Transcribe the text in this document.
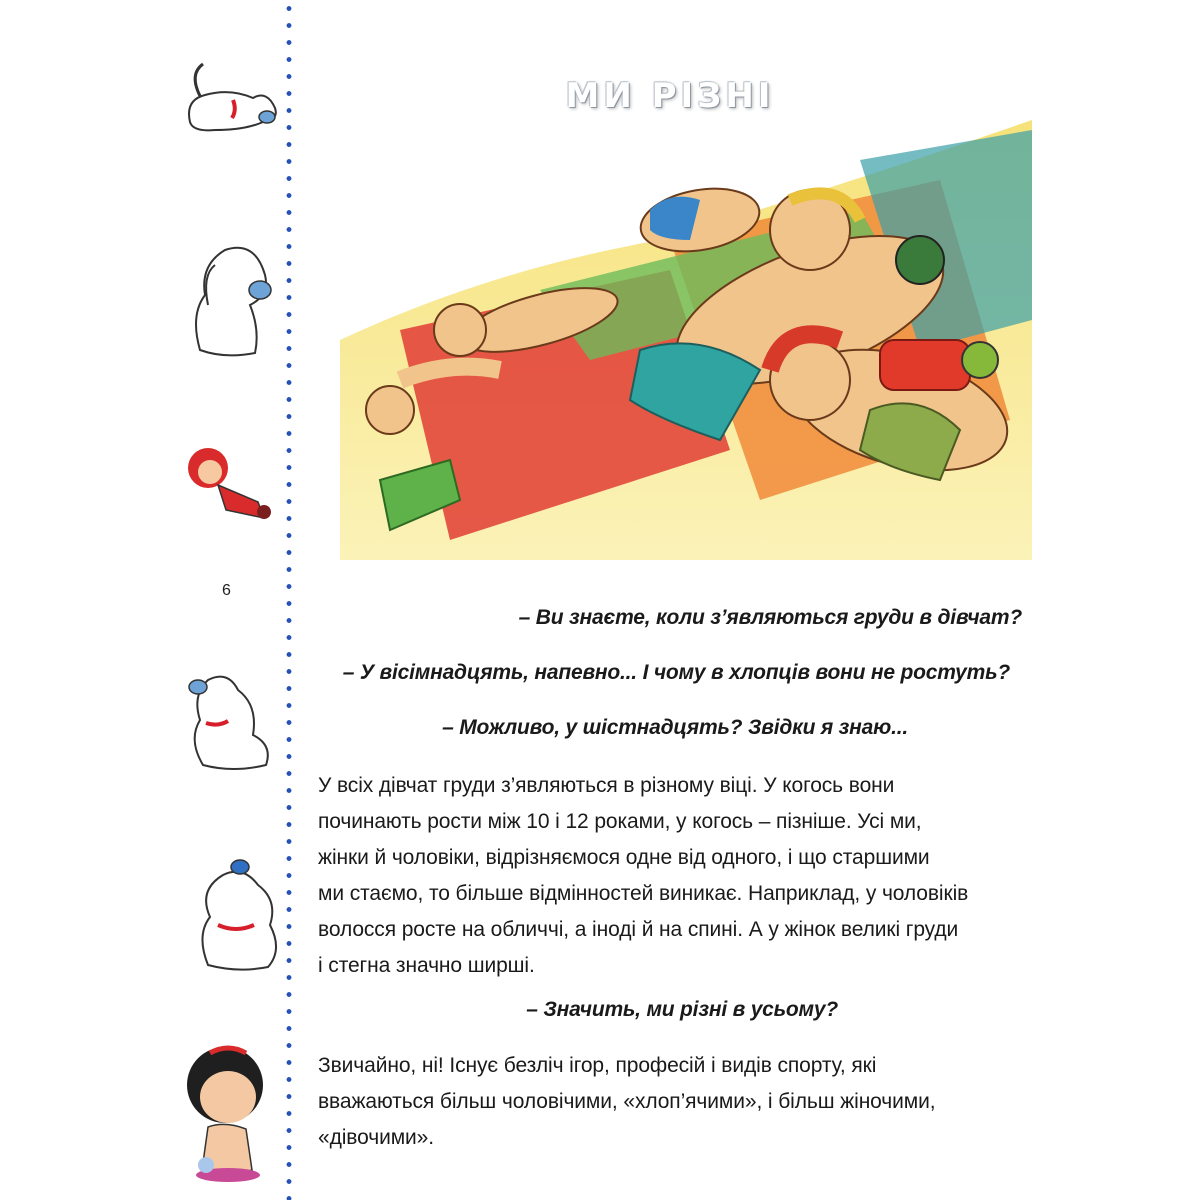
6
МИ РІЗНІ
– Ви знаєте, коли з’являються груди в дівчат?
– У вісімнадцять, напевно... І чому в хлопців вони не ростуть?
– Можливо, у шістнадцять? Звідки я знаю...
У всіх дівчат груди з’являються в різному віці. У когось вони
починають рости між 10 і 12 роками, у когось – пізніше. Усі ми,
жінки й чоловіки, відрізняємося одне від одного, і що старшими
ми стаємо, то більше відмінностей виникає. Наприклад, у чоловіків
волосся росте на обличчі, а іноді й на спині. А у жінок великі груди
і стегна значно ширші.
– Значить, ми різні в усьому?
Звичайно, ні! Існує безліч ігор, професій і видів спорту, які
вважаються більш чоловічими, «хлоп’ячими», і більш жіночими,
«дівочими».
